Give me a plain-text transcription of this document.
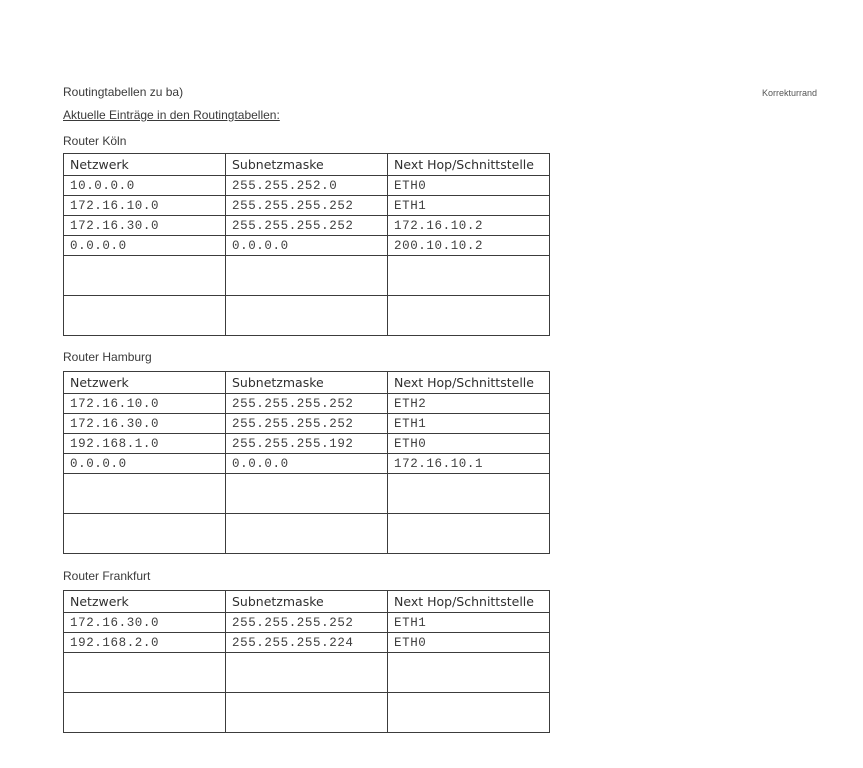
Routingtabellen zu ba)
Aktuelle Einträge in den Routingtabellen:
Korrekturrand
Router Köln
Netzwerk	Subnetzmaske	Next Hop/Schnittstelle
10.0.0.0	255.255.252.0	ETH0
172.16.10.0	255.255.255.252	ETH1
172.16.30.0	255.255.255.252	172.16.10.2
0.0.0.0	0.0.0.0	200.10.10.2

Router Hamburg
Netzwerk	Subnetzmaske	Next Hop/Schnittstelle
172.16.10.0	255.255.255.252	ETH2
172.16.30.0	255.255.255.252	ETH1
192.168.1.0	255.255.255.192	ETH0
0.0.0.0	0.0.0.0	172.16.10.1

Router Frankfurt
Netzwerk	Subnetzmaske	Next Hop/Schnittstelle
172.16.30.0	255.255.255.252	ETH1
192.168.2.0	255.255.255.224	ETH0
